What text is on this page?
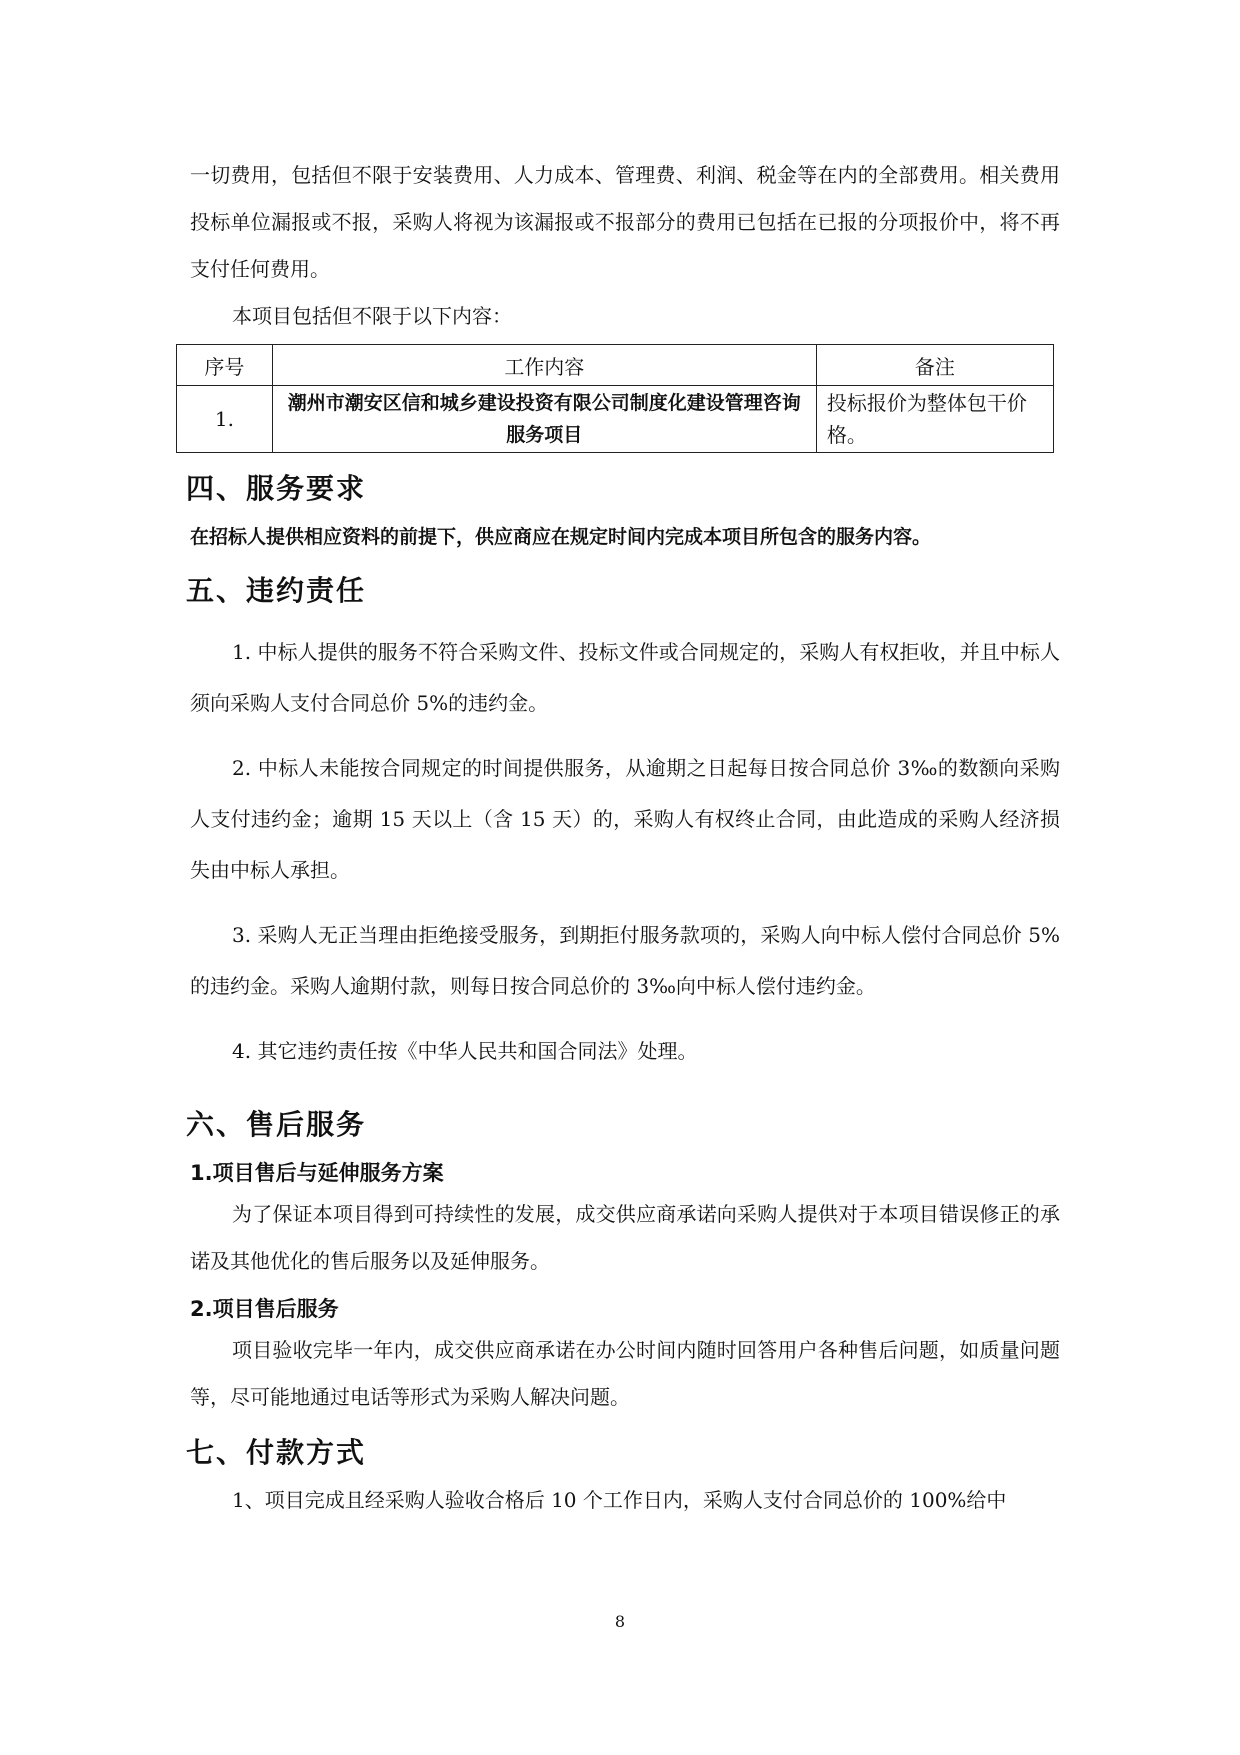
一切费用，包括但不限于安装费用、人力成本、管理费、利润、税金等在内的全部费用。相关费用投标单位漏报或不报，采购人将视为该漏报或不报部分的费用已包括在已报的分项报价中，将不再支付任何费用。

本项目包括但不限于以下内容：

序号	工作内容	备注
1.	潮州市潮安区信和城乡建设投资有限公司制度化建设管理咨询服务项目	投标报价为整体包干价格。
四、服务要求

在招标人提供相应资料的前提下，供应商应在规定时间内完成本项目所包含的服务内容。

五、违约责任

1. 中标人提供的服务不符合采购文件、投标文件或合同规定的，采购人有权拒收，并且中标人须向采购人支付合同总价 5%的违约金。

2. 中标人未能按合同规定的时间提供服务，从逾期之日起每日按合同总价 3‰的数额向采购人支付违约金；逾期 15 天以上（含 15 天）的，采购人有权终止合同，由此造成的采购人经济损失由中标人承担。

3. 采购人无正当理由拒绝接受服务，到期拒付服务款项的，采购人向中标人偿付合同总价 5%的违约金。采购人逾期付款，则每日按合同总价的 3‰向中标人偿付违约金。

4. 其它违约责任按《中华人民共和国合同法》处理。

六、售后服务
1.项目售后与延伸服务方案

为了保证本项目得到可持续性的发展，成交供应商承诺向采购人提供对于本项目错误修正的承诺及其他优化的售后服务以及延伸服务。

2.项目售后服务

项目验收完毕一年内，成交供应商承诺在办公时间内随时回答用户各种售后问题，如质量问题等，尽可能地通过电话等形式为采购人解决问题。

七、付款方式

1、项目完成且经采购人验收合格后 10 个工作日内，采购人支付合同总价的 100%给中

8
